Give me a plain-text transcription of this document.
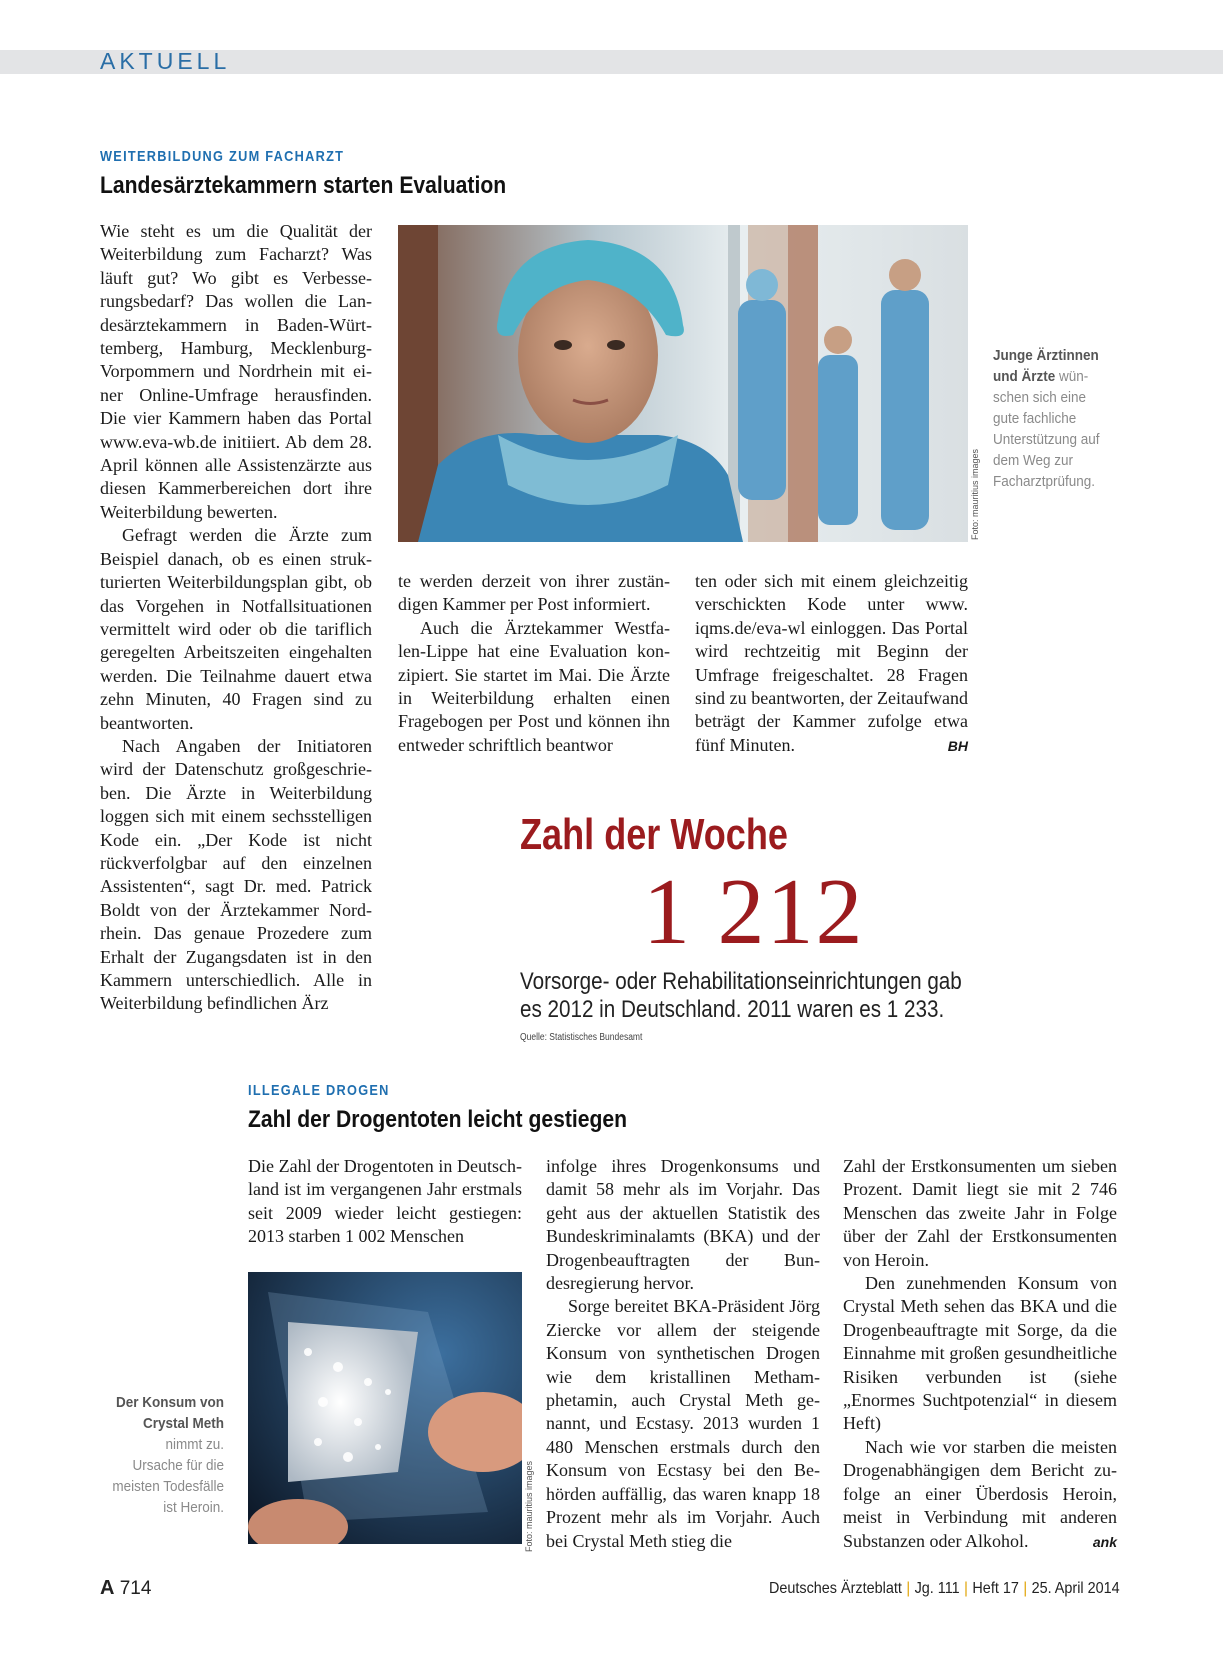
AKTUELL
WEITERBILDUNG ZUM FACHARZT
Landesärztekammern starten Evaluation

Wie steht es um die Qualität der Weiterbildung zum Facharzt? Was läuft gut? Wo gibt es Verbesserungsbedarf? Das wollen die Landesärztekammern in Baden-Württemberg, Hamburg, Mecklenburg-Vorpommern und Nordrhein mit einer Online-Umfrage herausfinden. Die vier Kammern haben das Portal www.eva-wb.de initiiert. Ab dem 28. April können alle Assistenzärzte aus diesen Kammerbereichen dort ihre Weiterbildung bewerten.

Gefragt werden die Ärzte zum Beispiel danach, ob es einen strukturierten Weiterbildungsplan gibt, ob das Vorgehen in Notfallsituationen vermittelt wird oder ob die tariflich geregelten Arbeitszeiten eingehalten werden. Die Teilnahme dauert etwa zehn Minuten, 40 Fragen sind zu beantworten.

Nach Angaben der Initiatoren wird der Datenschutz großgeschrieben. Die Ärzte in Weiterbildung loggen sich mit einem sechsstelligen Kode ein. „Der Kode ist nicht rückverfolgbar auf den einzelnen Assistenten“, sagt Dr. med. Patrick Boldt von der Ärztekammer Nordrhein. Das genaue Prozedere zum Erhalt der Zugangsdaten ist in den Kammern unterschiedlich. Alle in Weiterbildung befindlichen Ärz

Foto: mauritius images
Junge Ärztinnen und Ärzte wünschen sich eine gute fachliche Unterstützung auf dem Weg zur Facharztprüfung.

te werden derzeit von ihrer zuständigen Kammer per Post informiert.

Auch die Ärztekammer Westfalen-Lippe hat eine Evaluation konzipiert. Sie startet im Mai. Die Ärzte in Weiterbildung erhalten einen Fragebogen per Post und können ihn entweder schriftlich beantwor

ten oder sich mit einem gleichzeitig verschickten Kode unter www. iqms.de/eva-wl einloggen. Das Portal wird rechtzeitig mit Beginn der Umfrage freigeschaltet. 28 Fragen sind zu beantworten, der Zeitaufwand beträgt der Kammer zufolge etwa fünf Minuten.	BH
Zahl der Woche
1 212
Vorsorge- oder Rehabilitationseinrichtungen gab
es 2012 in Deutschland. 2011 waren es 1 233.
Quelle: Statistisches Bundesamt
ILLEGALE DROGEN
Zahl der Drogentoten leicht gestiegen

Die Zahl der Drogentoten in Deutschland ist im vergangenen Jahr erstmals seit 2009 wieder leicht gestiegen: 2013 starben 1 002 Menschen

Foto: mauritius images
Der Konsum von Crystal Meth
nimmt zu. Ursache für die meisten Todesfälle ist Heroin.

infolge ihres Drogenkonsums und damit 58 mehr als im Vorjahr. Das geht aus der aktuellen Statistik des Bundeskriminalamts (BKA) und der Drogenbeauftragten der Bundesregierung hervor.

Sorge bereitet BKA-Präsident Jörg Ziercke vor allem der steigende Konsum von synthetischen Drogen wie dem kristallinen Methamphetamin, auch Crystal Meth genannt, und Ecstasy. 2013 wurden 1 480 Menschen erstmals durch den Konsum von Ecstasy bei den Behörden auffällig, das waren knapp 18 Prozent mehr als im Vorjahr. Auch bei Crystal Meth stieg die

Zahl der Erstkonsumenten um sieben Prozent. Damit liegt sie mit 2 746 Menschen das zweite Jahr in Folge über der Zahl der Erstkonsumenten von Heroin.

Den zunehmenden Konsum von Crystal Meth sehen das BKA und die Drogenbeauftragte mit Sorge, da die Einnahme mit großen gesundheitliche Risiken verbunden ist (siehe „Enormes Suchtpotenzial“ in diesem Heft)

Nach wie vor starben die meisten Drogenabhängigen dem Bericht zufolge an einer Überdosis Heroin, meist in Verbindung mit anderen Substanzen oder Alkohol.	ank
A 714	Deutsches Ärzteblatt | Jg. 111 | Heft 17 | 25. April 2014
